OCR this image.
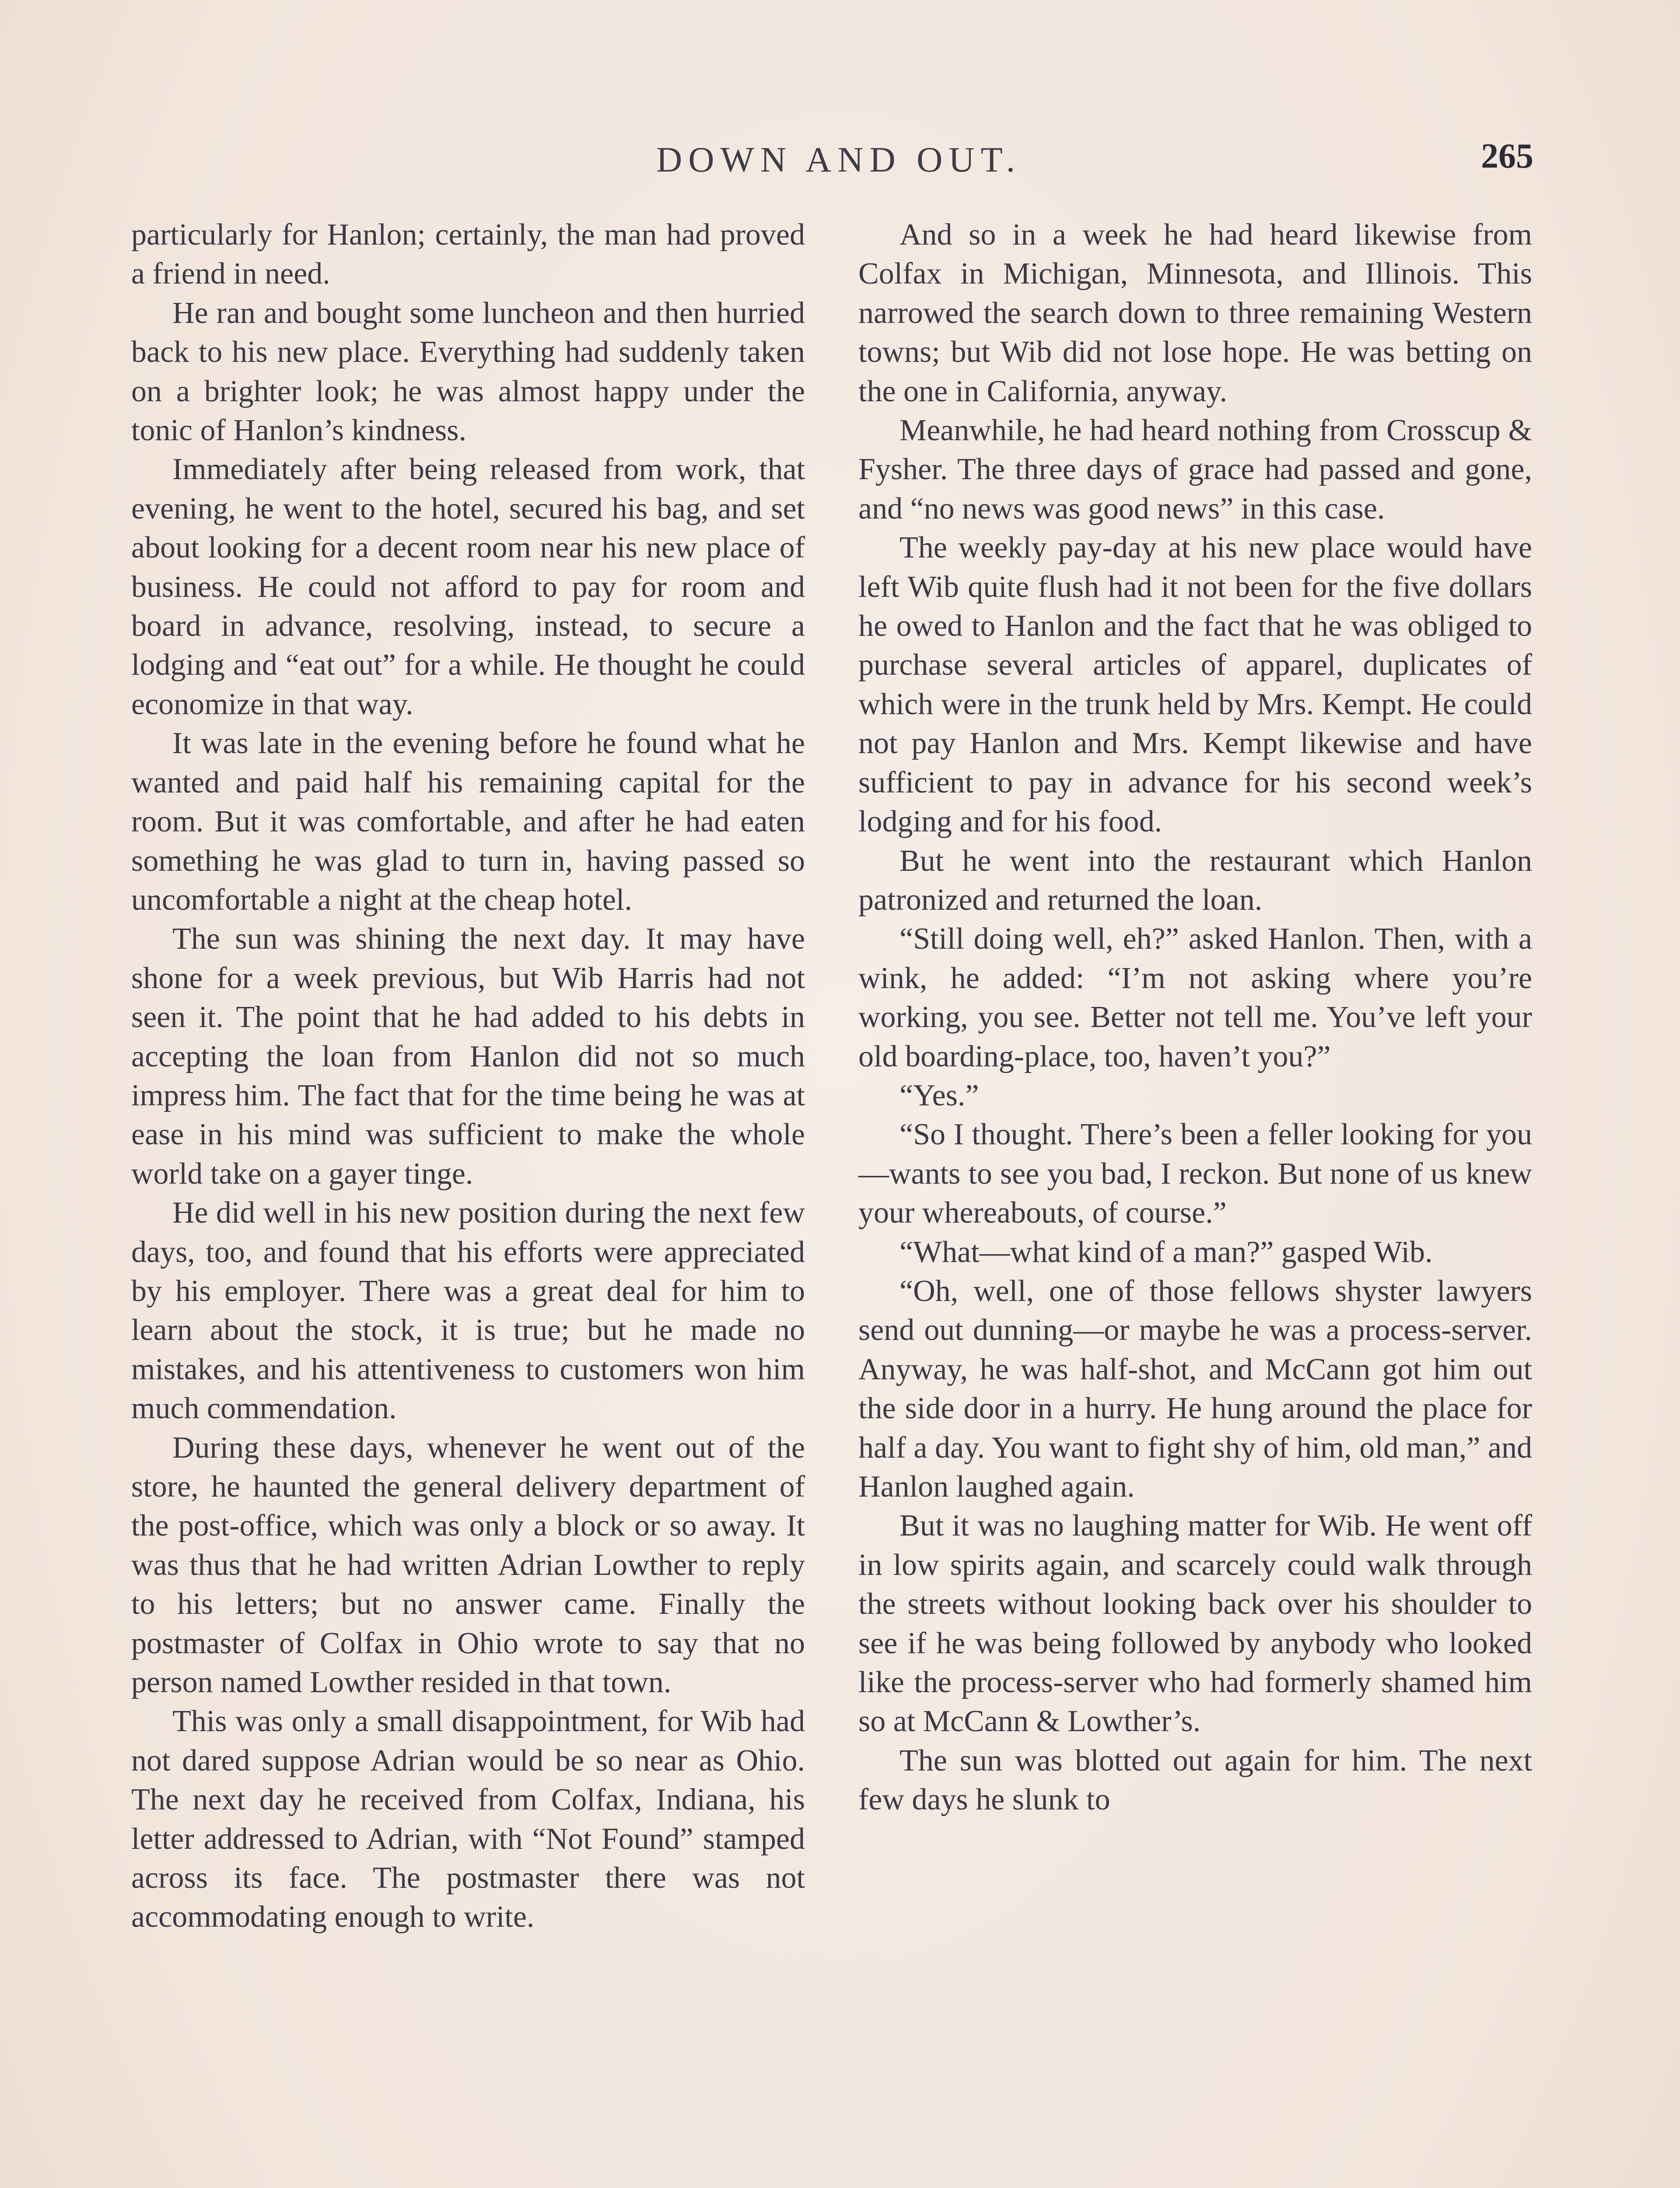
DOWN AND OUT.	265

particularly for Hanlon; certainly, the man had proved a friend in need.

He ran and bought some luncheon and then hurried back to his new place. Everything had suddenly taken on a brighter look; he was almost happy under the tonic of Hanlon’s kindness.

Immediately after being released from work, that evening, he went to the hotel, secured his bag, and set about looking for a decent room near his new place of business. He could not afford to pay for room and board in advance, resolving, instead, to secure a lodging and “eat out” for a while. He thought he could economize in that way.

It was late in the evening before he found what he wanted and paid half his remaining capital for the room. But it was comfortable, and after he had eaten something he was glad to turn in, having passed so uncomfortable a night at the cheap hotel.

The sun was shining the next day. It may have shone for a week previous, but Wib Harris had not seen it. The point that he had added to his debts in accepting the loan from Hanlon did not so much impress him. The fact that for the time being he was at ease in his mind was sufficient to make the whole world take on a gayer tinge.

He did well in his new position during the next few days, too, and found that his efforts were appreciated by his employer. There was a great deal for him to learn about the stock, it is true; but he made no mistakes, and his attentiveness to customers won him much commendation.

During these days, whenever he went out of the store, he haunted the general delivery department of the post-office, which was only a block or so away. It was thus that he had written Adrian Lowther to reply to his letters; but no answer came. Finally the postmaster of Colfax in Ohio wrote to say that no person named Lowther resided in that town.

This was only a small disappointment, for Wib had not dared suppose Adrian would be so near as Ohio. The next day he received from Colfax, Indiana, his letter addressed to Adrian, with “Not Found” stamped across its face. The postmaster there was not accommodating enough to write.

And so in a week he had heard likewise from Colfax in Michigan, Minnesota, and Illinois. This narrowed the search down to three remaining Western towns; but Wib did not lose hope. He was betting on the one in California, anyway.

Meanwhile, he had heard nothing from Crosscup & Fysher. The three days of grace had passed and gone, and “no news was good news” in this case.

The weekly pay-day at his new place would have left Wib quite flush had it not been for the five dollars he owed to Hanlon and the fact that he was obliged to purchase several articles of apparel, duplicates of which were in the trunk held by Mrs. Kempt. He could not pay Hanlon and Mrs. Kempt likewise and have sufficient to pay in advance for his second week’s lodging and for his food.

But he went into the restaurant which Hanlon patronized and returned the loan.

“Still doing well, eh?” asked Hanlon. Then, with a wink, he added: “I’m not asking where you’re working, you see. Better not tell me. You’ve left your old boarding-place, too, haven’t you?”

“Yes.”

“So I thought. There’s been a feller looking for you—wants to see you bad, I reckon. But none of us knew your whereabouts, of course.”

“What—what kind of a man?” gasped Wib.

“Oh, well, one of those fellows shyster lawyers send out dunning—or maybe he was a process-server. Anyway, he was half-shot, and McCann got him out the side door in a hurry. He hung around the place for half a day. You want to fight shy of him, old man,” and Hanlon laughed again.

But it was no laughing matter for Wib. He went off in low spirits again, and scarcely could walk through the streets without looking back over his shoulder to see if he was being followed by anybody who looked like the process-server who had formerly shamed him so at McCann & Lowther’s.

The sun was blotted out again for him. The next few days he slunk to
